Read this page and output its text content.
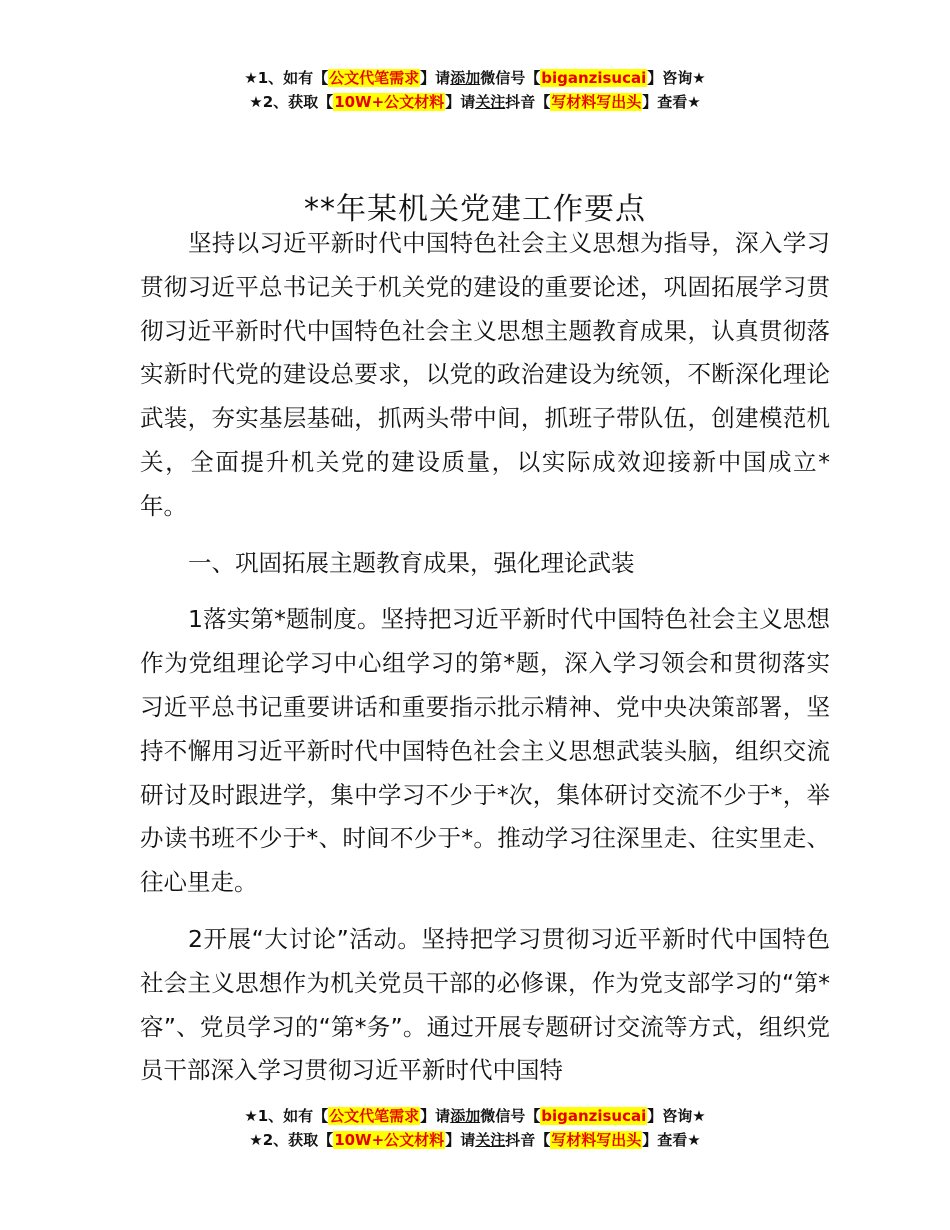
★1、如有【公文代笔需求】请添加微信号【biganzisucai】咨询★
★2、获取【10W+公文材料】请关注抖音【写材料写出头】查看★
**年某机关党建工作要点

坚持以习近平新时代中国特色社会主义思想为指导，深入学习贯彻习近平总书记关于机关党的建设的重要论述，巩固拓展学习贯彻习近平新时代中国特色社会主义思想主题教育成果，认真贯彻落实新时代党的建设总要求，以党的政治建设为统领，不断深化理论武装，夯实基层基础，抓两头带中间，抓班子带队伍，创建模范机关，全面提升机关党的建设质量，以实际成效迎接新中国成立*年。

一、巩固拓展主题教育成果，强化理论武装

1落实第*题制度。坚持把习近平新时代中国特色社会主义思想作为党组理论学习中心组学习的第*题，深入学习领会和贯彻落实习近平总书记重要讲话和重要指示批示精神、党中央决策部署，坚持不懈用习近平新时代中国特色社会主义思想武装头脑，组织交流研讨及时跟进学，集中学习不少于*次，集体研讨交流不少于*，举办读书班不少于*、时间不少于*。推动学习往深里走、往实里走、往心里走。

2开展“大讨论”活动。坚持把学习贯彻习近平新时代中国特色社会主义思想作为机关党员干部的必修课，作为党支部学习的“第*容”、党员学习的“第*务”。通过开展专题研讨交流等方式，组织党员干部深入学习贯彻习近平新时代中国特

★1、如有【公文代笔需求】请添加微信号【biganzisucai】咨询★
★2、获取【10W+公文材料】请关注抖音【写材料写出头】查看★
